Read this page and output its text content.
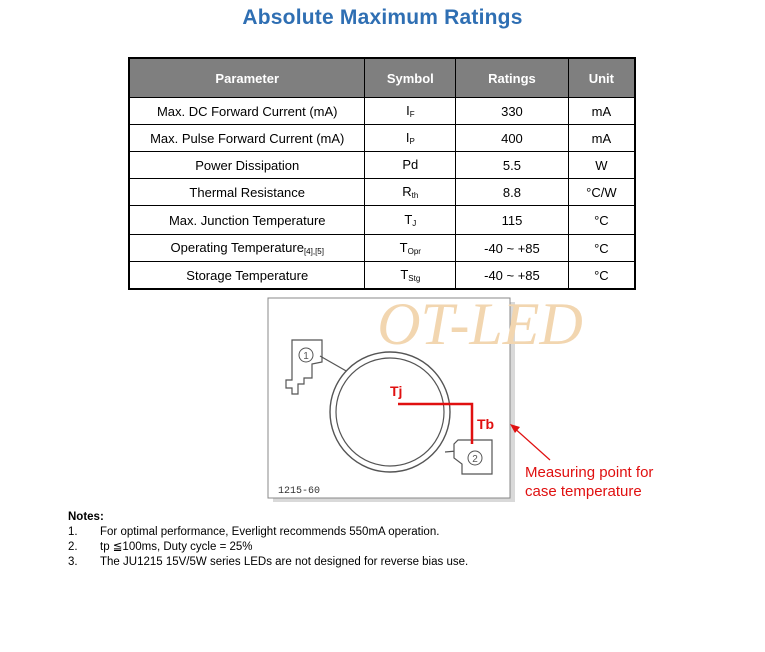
Absolute Maximum Ratings
Parameter	Symbol	Ratings	Unit
Max. DC Forward Current (mA)	$I_F$	330	mA
Max. Pulse Forward Current (mA)	$I_P$	400	mA
Power Dissipation	Pd	5.5	W
Thermal Resistance	$R_{th}$	8.8	°C/W
Max. Junction Temperature	$T_J$	115	°C
Operating Temperature$_{[4],[5]}$	$T_{Opr}$	-40 ~ +85	°C
Storage Temperature	$T_{Stg}$	-40 ~ +85	°C
OT-LED
1
2
Tj
Tb
1215-60
Measuring point for
case temperature
Notes:
1.	For optimal performance, Everlight recommends 550mA operation.
2.	tp ≦100ms, Duty cycle = 25%
3.	The JU1215 15V/5W series LEDs are not designed for reverse bias use.
